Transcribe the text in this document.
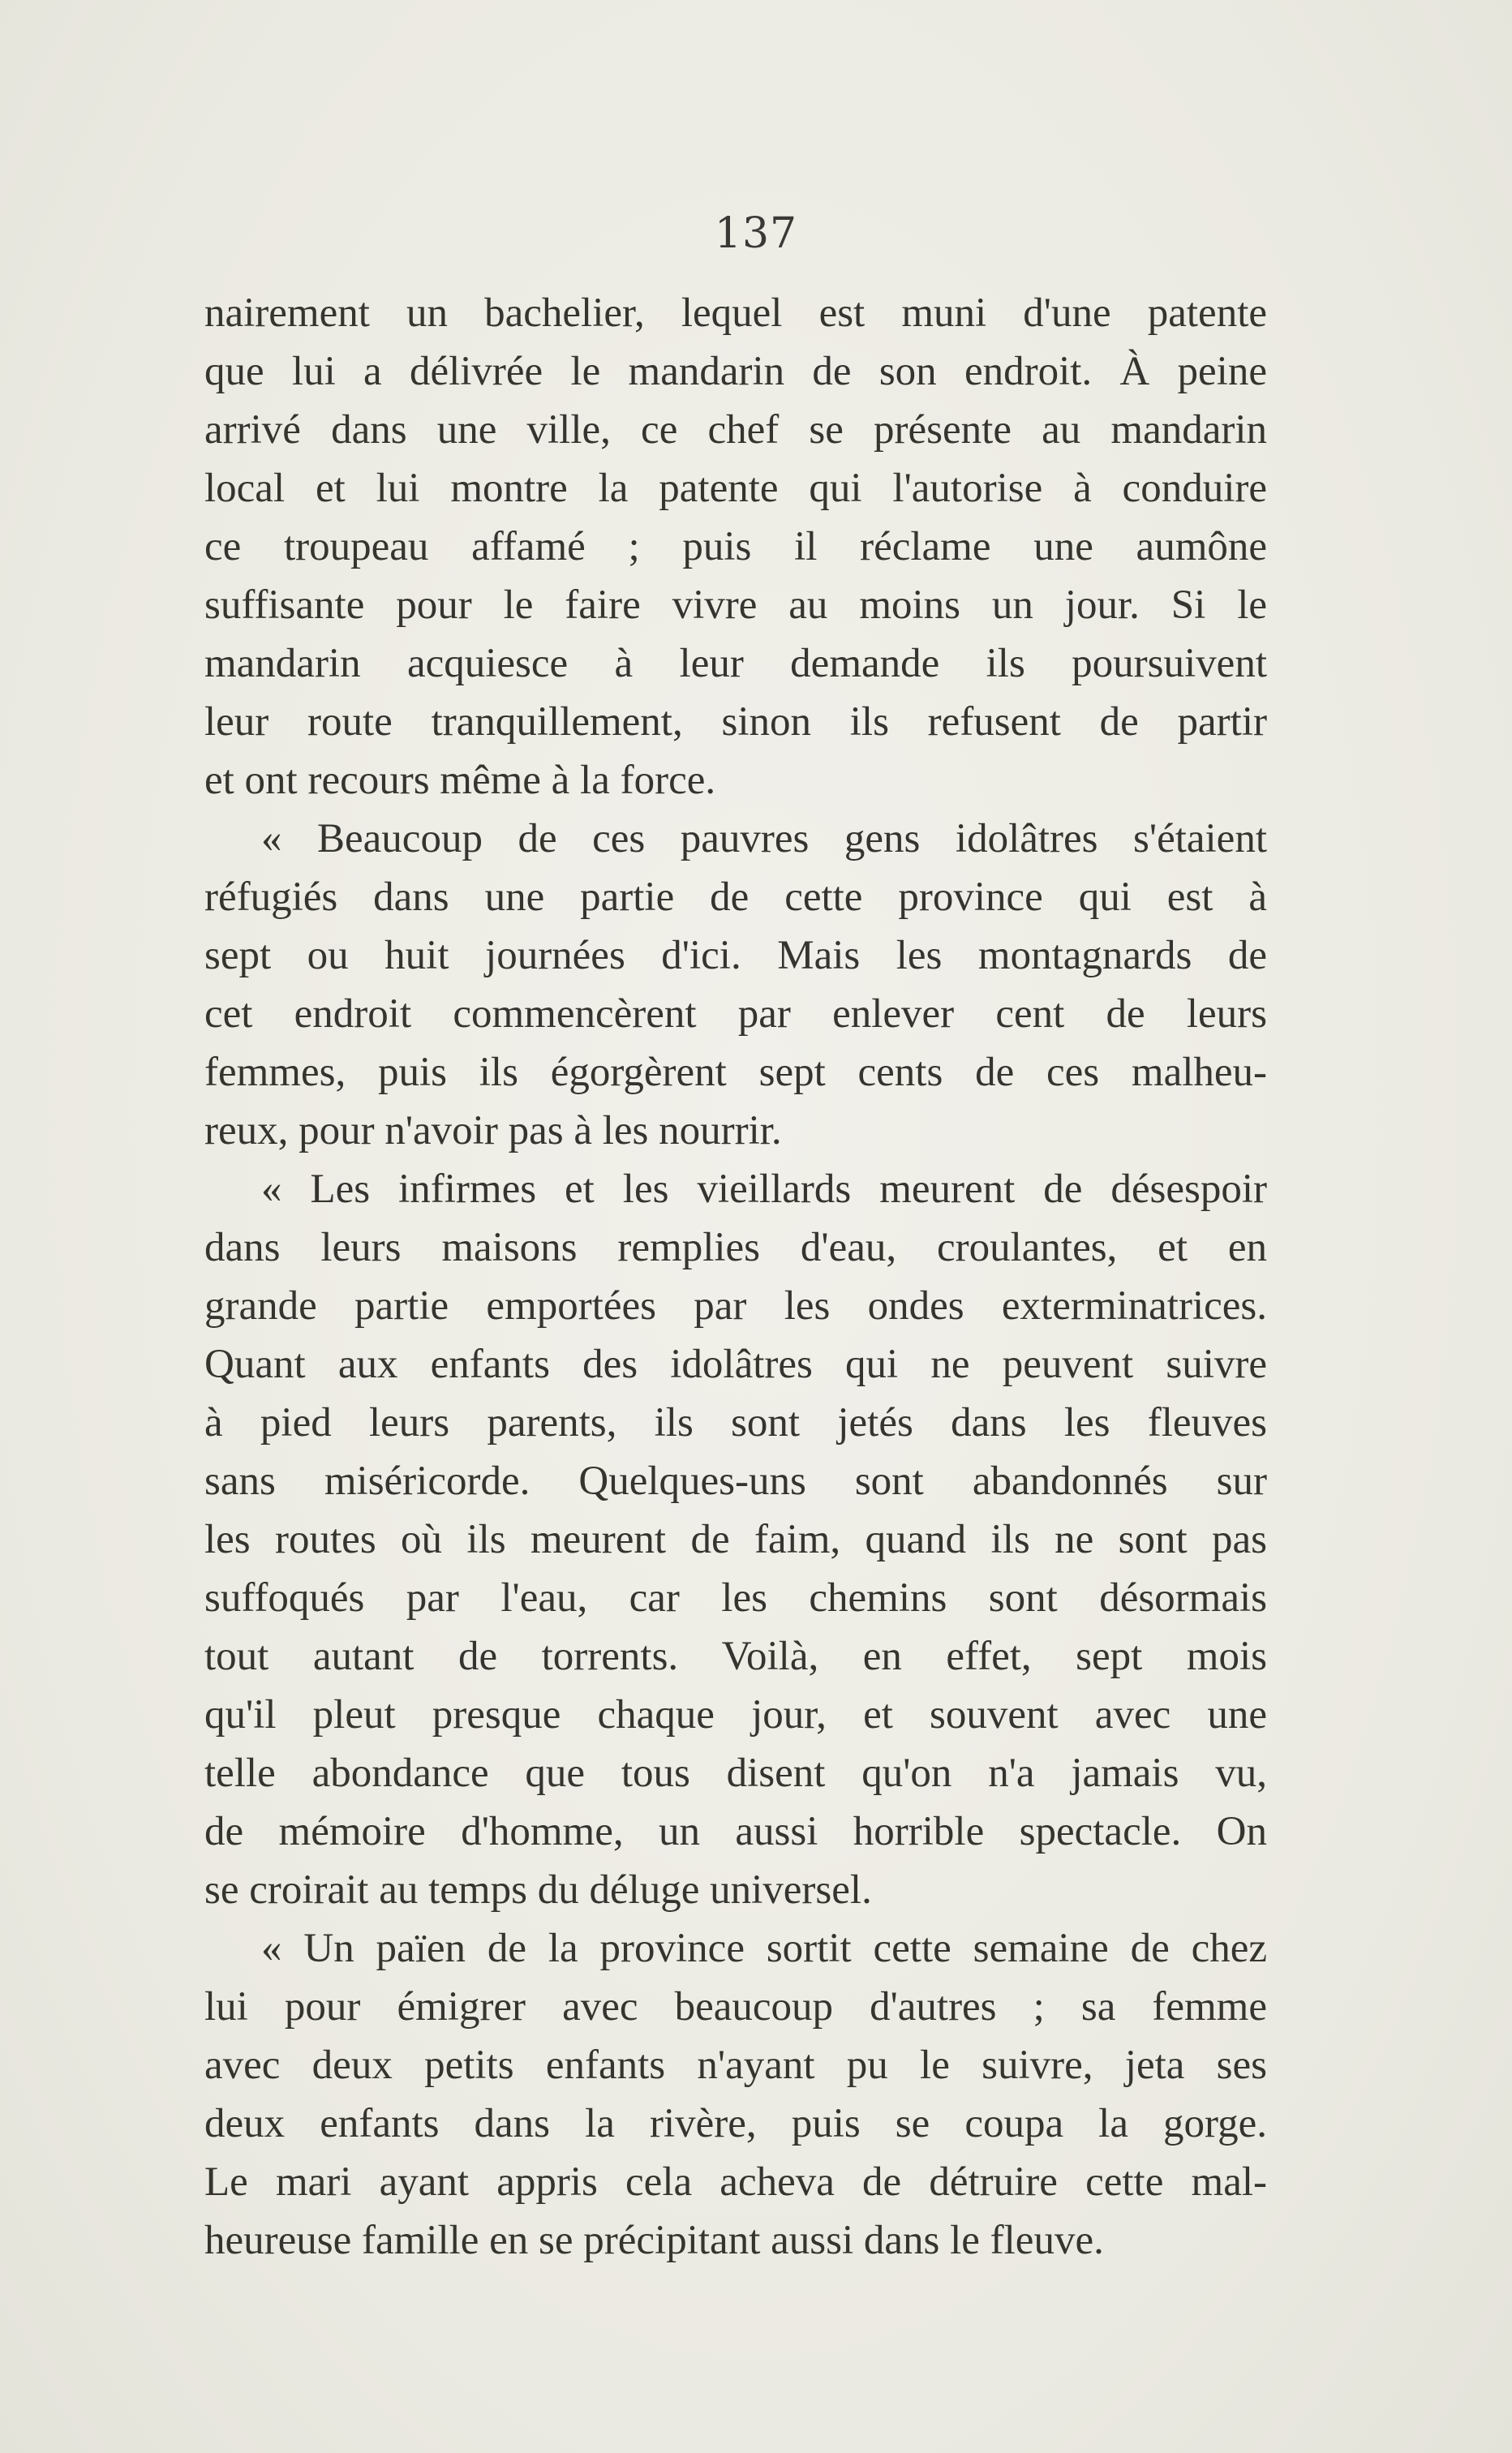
137
nairement un bachelier, lequel est muni d'une patente
que lui a délivrée le mandarin de son endroit. À peine
arrivé dans une ville, ce chef se présente au mandarin
local et lui montre la patente qui l'autorise à conduire
ce troupeau affamé ; puis il réclame une aumône
suffisante pour le faire vivre au moins un jour. Si le
mandarin acquiesce à leur demande ils poursuivent
leur route tranquillement, sinon ils refusent de partir
et ont recours même à la force.
« Beaucoup de ces pauvres gens idolâtres s'étaient
réfugiés dans une partie de cette province qui est à
sept ou huit journées d'ici. Mais les montagnards de
cet endroit commencèrent par enlever cent de leurs
femmes, puis ils égorgèrent sept cents de ces malheu-
reux, pour n'avoir pas à les nourrir.
« Les infirmes et les vieillards meurent de désespoir
dans leurs maisons remplies d'eau, croulantes, et en
grande partie emportées par les ondes exterminatrices.
Quant aux enfants des idolâtres qui ne peuvent suivre
à pied leurs parents, ils sont jetés dans les fleuves
sans miséricorde. Quelques-uns sont abandonnés sur
les routes où ils meurent de faim, quand ils ne sont pas
suffoqués par l'eau, car les chemins sont désormais
tout autant de torrents. Voilà, en effet, sept mois
qu'il pleut presque chaque jour, et souvent avec une
telle abondance que tous disent qu'on n'a jamais vu,
de mémoire d'homme, un aussi horrible spectacle. On
se croirait au temps du déluge universel.
« Un païen de la province sortit cette semaine de chez
lui pour émigrer avec beaucoup d'autres ; sa femme
avec deux petits enfants n'ayant pu le suivre, jeta ses
deux enfants dans la rivère, puis se coupa la gorge.
Le mari ayant appris cela acheva de détruire cette mal-
heureuse famille en se précipitant aussi dans le fleuve.
